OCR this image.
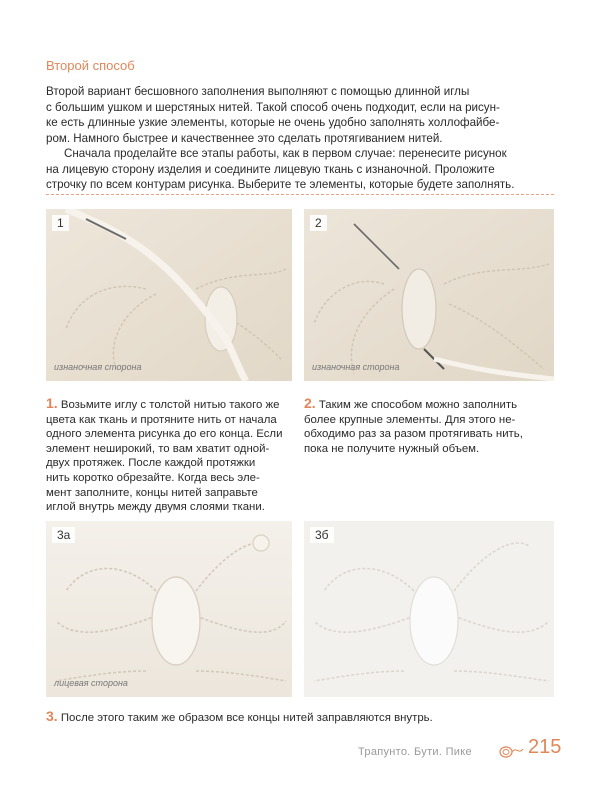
Второй способ

Второй вариант бесшовного заполнения выполняют с помощью длинной иглы
с большим ушком и шерстяных нитей. Такой способ очень подходит, если на рисун-
ке есть длинные узкие элементы, которые не очень удобно заполнять холлофайбе-
ром. Намного быстрее и качественнее это сделать протягиванием нитей.

Сначала проделайте все этапы работы, как в первом случае: перенесите рисунок
на лицевую сторону изделия и соедините лицевую ткань с изнаночной. Проложите
строчку по всем контурам рисунка. Выберите те элементы, которые будете заполнять.

1
изнаночная сторона
2
изнаночная сторона
1. Возьмите иглу с толстой нитью такого же
цвета как ткань и протяните нить от начала
одного элемента рисунка до его конца. Если
элемент неширокий, то вам хватит одной-
двух протяжек. После каждой протяжки
нить коротко обрезайте. Когда весь эле-
мент заполните, концы нитей заправьте
иглой внутрь между двумя слоями ткани.
2. Таким же способом можно заполнить
более крупные элементы. Для этого не-
обходимо раз за разом протягивать нить,
пока не получите нужный объем.
3а
лицевая сторона
3б
3. После этого таким же образом все концы нитей заправляются внутрь.
Трапунто. Бути. Пике	215
